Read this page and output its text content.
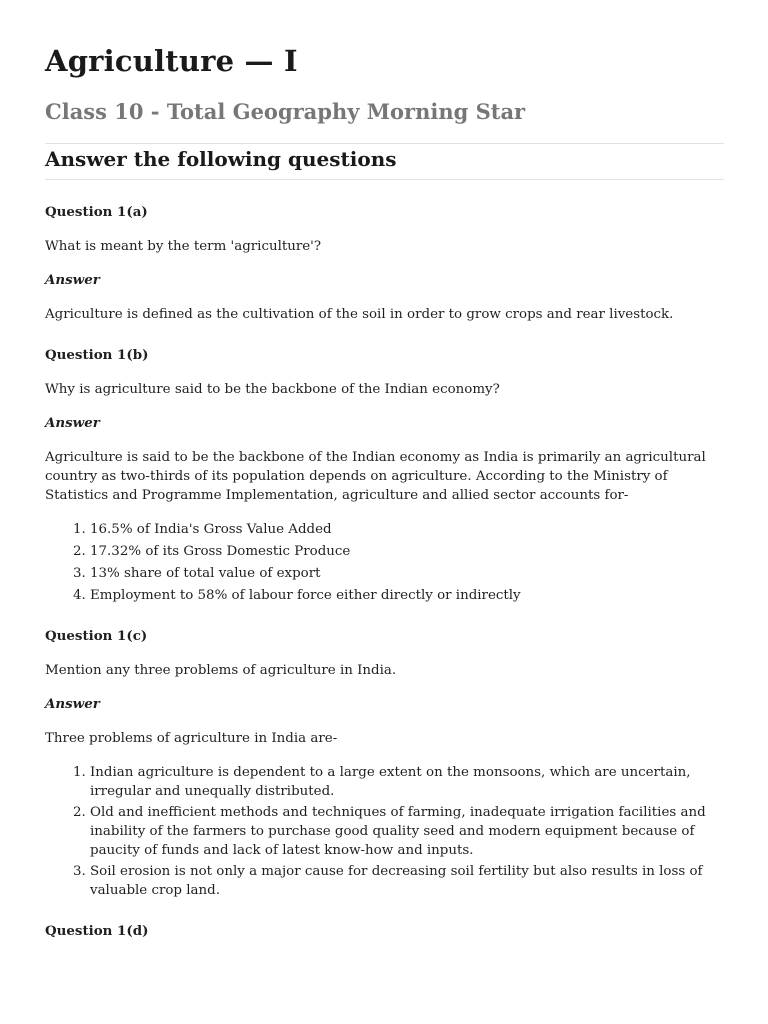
Agriculture — I
Class 10 - Total Geography Morning Star
Answer the following questions

Question 1(a)

What is meant by the term 'agriculture'?

Answer

Agriculture is defined as the cultivation of the soil in order to grow crops and rear livestock.

Question 1(b)

Why is agriculture said to be the backbone of the Indian economy?

Answer

Agriculture is said to be the backbone of the Indian economy as India is primarily an agricultural country as two-thirds of its population depends on agriculture. According to the Ministry of Statistics and Programme Implementation, agriculture and allied sector accounts for-

1. 16.5% of India's Gross Value Added
2. 17.32% of its Gross Domestic Produce
3. 13% share of total value of export
4. Employment to 58% of labour force either directly or indirectly

Question 1(c)

Mention any three problems of agriculture in India.

Answer

Three problems of agriculture in India are-

1. Indian agriculture is dependent to a large extent on the monsoons, which are uncertain, irregular and unequally distributed.
2. Old and inefficient methods and techniques of farming, inadequate irrigation facilities and inability of the farmers to purchase good quality seed and modern equipment because of paucity of funds and lack of latest know-how and inputs.
3. Soil erosion is not only a major cause for decreasing soil fertility but also results in loss of valuable crop land.

Question 1(d)
